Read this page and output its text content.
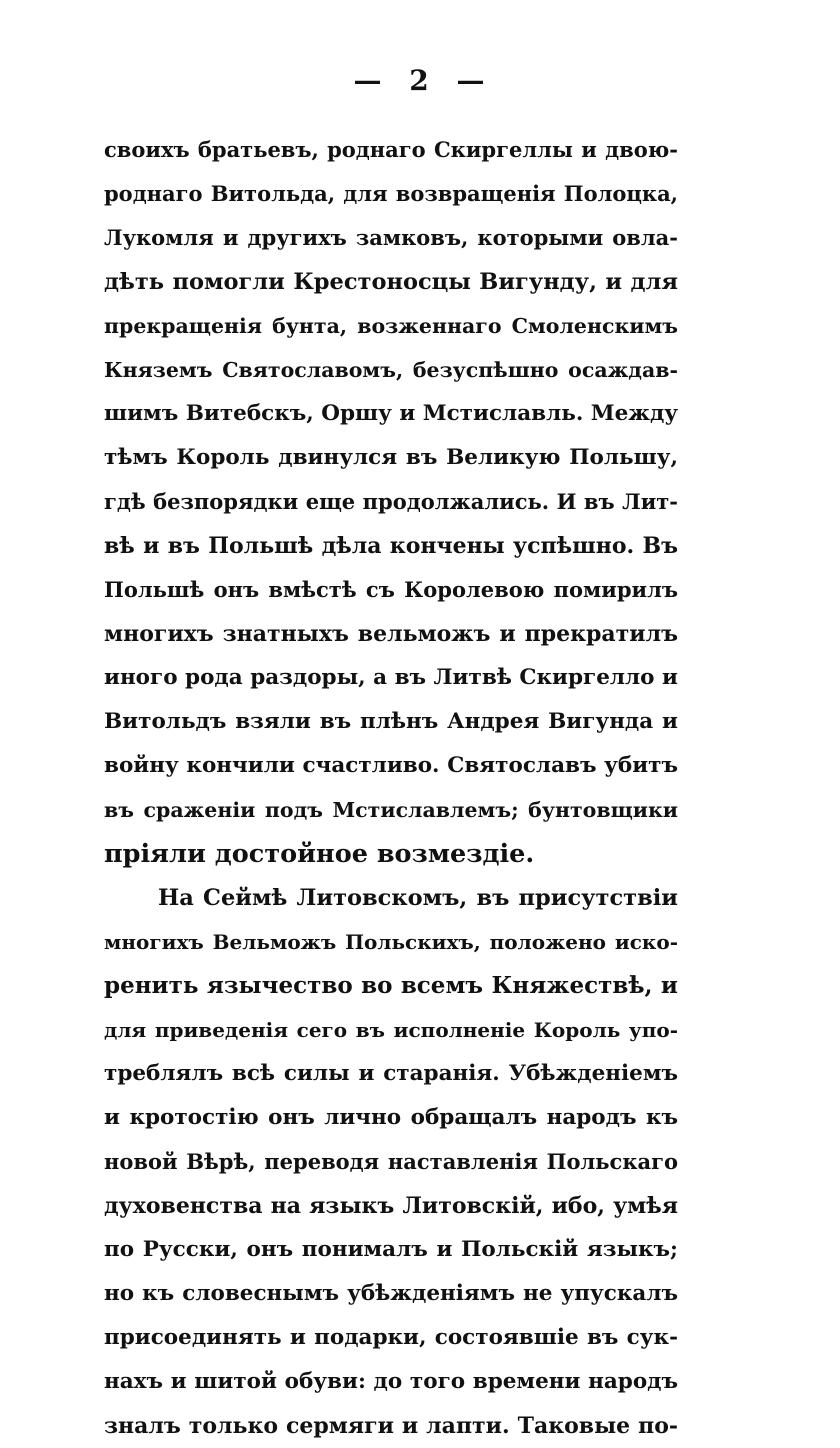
— 2 —
своихъ братьевъ, роднаго Скиргеллы и двою-
роднаго Витольда, для возвращенія Полоцка,
Лукомля и другихъ замковъ, которыми овла-
дѣть помогли Крестоносцы Вигунду, и для
прекращенія бунта, возженнаго Смоленскимъ
Княземъ Святославомъ, безуспѣшно осаждав-
шимъ Витебскъ, Оршу и Мстиславль. Между
тѣмъ Король двинулся въ Великую Польшу,
гдѣ безпорядки еще продолжались. И въ Лит-
вѣ и въ Польшѣ дѣла кончены успѣшно. Въ
Польшѣ онъ вмѣстѣ съ Королевою помирилъ
многихъ знатныхъ вельможъ и прекратилъ
иного рода раздоры, а въ Литвѣ Скиргелло и
Витольдъ взяли въ плѣнъ Андрея Вигунда и
войну кончили счастливо. Святославъ убитъ
въ сраженіи подъ Мстиславлемъ; бунтовщики
пріяли достойное возмездіе.
На Сеймѣ Литовскомъ, въ присутствіи
многихъ Вельможъ Польскихъ, положено искo-
ренить язычество во всемъ Княжествѣ, и
для приведенія сего въ исполненіе Король упо-
треблялъ всѣ силы и старанія. Убѣжденіемъ
и кротостію онъ лично обращалъ народъ къ
новой Вѣрѣ, переводя наставленія Польскаго
духовенства на языкъ Литовскій, ибо, умѣя
по Русски, онъ понималъ и Польскій языкъ;
но къ словеснымъ убѣжденіямъ не упускалъ
присоединять и подарки, состоявшіе въ сук-
нахъ и шитой обуви: до того времени народъ
зналъ только сермяги и лапти. Таковые по-
